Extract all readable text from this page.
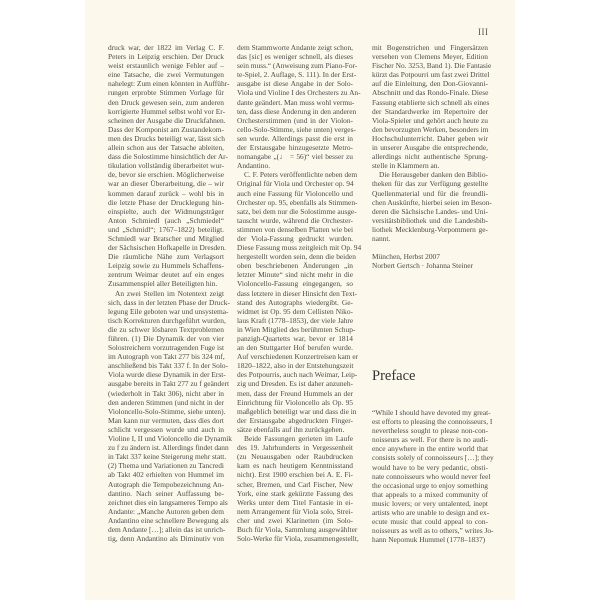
III
druck war, der 1822 im Verlag C. F.
Peters in Leipzig erschien. Der Druck
weist erstaunlich wenige Fehler auf –
eine Tatsache, die zwei Vermutungen
nahelegt: Zum einen könnten in Aufführ-
rungen erprobte Stimmen Vorlage für
den Druck gewesen sein, zum anderen
korrigierte Hummel selbst wohl vor Er-
scheinen der Ausgabe die Druckfahnen.
Dass der Komponist am Zustandekom-
men des Drucks beteiligt war, lässt sich
allein schon aus der Tatsache ableiten,
dass die Solostimme hinsichtlich der Ar-
tikulation vollständig überarbeitet wur-
de, bevor sie erschien. Möglicherweise
war an dieser Überarbeitung, die – wir
kommen darauf zurück – wohl bis in
die letzte Phase der Drucklegung hin-
einspielte, auch der Widmungsträger
Anton Schmiedl (auch „Schmiedel“
und „Schmidl“; 1767–1822) beteiligt.
Schmiedl war Bratscher und Mitglied
der Sächsischen Hofkapelle in Dresden.
Die räumliche Nähe zum Verlagsort
Leipzig sowie zu Hummels Schaffens-
zentrum Weimar deutet auf ein enges
Zusammenspiel aller Beteiligten hin.
An zwei Stellen im Notentext zeigt
sich, dass in der letzten Phase der Druck-
legung Eile geboten war und unsystema-
tisch Korrekturen durchgeführt wurden,
die zu schwer lösbaren Textproblemen
führen. (1) Die Dynamik der von vier
Solostreichern vorzutragenden Fuge ist
im Autograph von Takt 277 bis 324 mf,
anschließend bis Takt 337 f. In der Solo-
Viola wurde diese Dynamik in der Erst-
ausgabe bereits in Takt 277 zu f geändert
(wiederholt in Takt 306), nicht aber in
den anderen Stimmen (und nicht in der
Violoncello-Solo-Stimme, siehe unten).
Man kann nur vermuten, dass dies dort
schlicht vergessen wurde und auch in
Violine I, II und Violoncello die Dynamik
zu f zu ändern ist. Allerdings findet dann
in Takt 337 keine Steigerung mehr statt.
(2) Thema und Variationen zu Tancredi
ab Takt 402 erhielten von Hummel im
Autograph die Tempobezeichnung An-
dantino. Nach seiner Auffassung be-
zeichnet dies ein langsameres Tempo als
Andante: „Manche Autoren geben dem
Andantino eine schnellere Bewegung als
dem Andante […]; allein das ist unrich-
tig, denn Andantino als Diminutiv von
dem Stammworte Andante zeigt schon,
das [sic] es weniger schnell, als dieses
sein muss.“ (Anweisung zum Piano-For-
te-Spiel, 2. Auflage, S. 111). In der Erst-
ausgabe ist diese Angabe in der Solo-
Viola und Violine I des Orchesters zu An-
dante geändert. Man muss wohl vermu-
ten, dass diese Änderung in den anderen
Orchesterstimmen (und in der Violon-
cello-Solo-Stimme, siehe unten) verges-
sen wurde. Allerdings passt die erst in
der Erstausgabe hinzugesetzte Metro-
nomangabe „(♩ = 56)“ viel besser zu
Andantino.
C. F. Peters veröffentlichte neben dem
Original für Viola und Orchester op. 94
auch eine Fassung für Violoncello und
Orchester op. 95, ebenfalls als Stimmen-
satz, bei dem nur die Solostimme ausge-
tauscht wurde, während die Orchester-
stimmen von denselben Platten wie bei
der Viola-Fassung gedruckt wurden.
Diese Fassung muss zeitgleich mit Op. 94
hergestellt worden sein, denn die beiden
oben beschriebenen Änderungen „in
letzter Minute“ sind nicht mehr in die
Violoncello-Fassung eingegangen, so
dass letztere in dieser Hinsicht den Text-
stand des Autographs wiedergibt. Ge-
widmet ist Op. 95 dem Cellisten Niko-
laus Kraft (1778–1853), der viele Jahre
in Wien Mitglied des berühmten Schup-
panzigh-Quartetts war, bevor er 1814
an den Stuttgarter Hof berufen wurde.
Auf verschiedenen Konzertreisen kam er
1820–1822, also in der Entstehungszeit
des Potpourris, auch nach Weimar, Leip-
zig und Dresden. Es ist daher anzuneh-
men, dass der Freund Hummels an der
Einrichtung für Violoncello als Op. 95
maßgeblich beteiligt war und dass die in
der Erstausgabe abgedruckten Finger-
sätze ebenfalls auf ihn zurückgehen.
Beide Fassungen gerieten im Laufe
des 19. Jahrhunderts in Vergessenheit
(zu Neuausgaben oder Raubdrucken
kam es nach heutigem Kenntnisstand
nicht). Erst 1900 erschien bei A. E. Fi-
scher, Bremen, und Carl Fischer, New
York, eine stark gekürzte Fassung des
Werks unter dem Titel Fantasie in ei-
nem Arrangement für Viola solo, Strei-
cher und zwei Klarinetten (im Solo-
Buch für Viola, Sammlung ausgewählter
Solo-Werke für Viola, zusammengestellt,
mit Bogenstrichen und Fingersätzen
versehen von Clemens Meyer, Edition
Fischer No. 3253, Band 1). Die Fantasie
kürzt das Potpourri um fast zwei Drittel
auf die Einleitung, den Don-Giovanni-
Abschnitt und das Rondo-Finale. Diese
Fassung etablierte sich schnell als eines
der Standardwerke im Repertoire der
Viola-Spieler und gehört auch heute zu
den bevorzugten Werken, besonders im
Hochschulunterricht. Daher geben wir
in unserer Ausgabe die entsprechende,
allerdings nicht authentische Sprung-
stelle in Klammern an.
Die Herausgeber danken den Biblio-
theken für das zur Verfügung gestellte
Quellenmaterial und für die freundli-
chen Auskünfte, hierbei seien im Beson-
deren die Sächsische Landes- und Uni-
versitätsbibliothek und die Landesbib-
liothek Mecklenburg-Vorpommern ge-
nannt.
München, Herbst 2007
Norbert Gertsch · Johanna Steiner
Preface
“While I should have devoted my great-
est efforts to pleasing the connoisseurs, I
nevertheless sought to please non-con-
noisseurs as well. For there is no audi-
ence anywhere in the entire world that
consists solely of connoisseurs […]; they
would have to be very pedantic, obsti-
nate connoisseurs who would never feel
the occasional urge to enjoy something
that appeals to a mixed community of
music lovers; or very untalented, inept
artists who are unable to design and ex-
ecute music that could appeal to con-
noisseurs as well as to others,” writes Jo-
hann Nepomuk Hummel (1778–1837)
